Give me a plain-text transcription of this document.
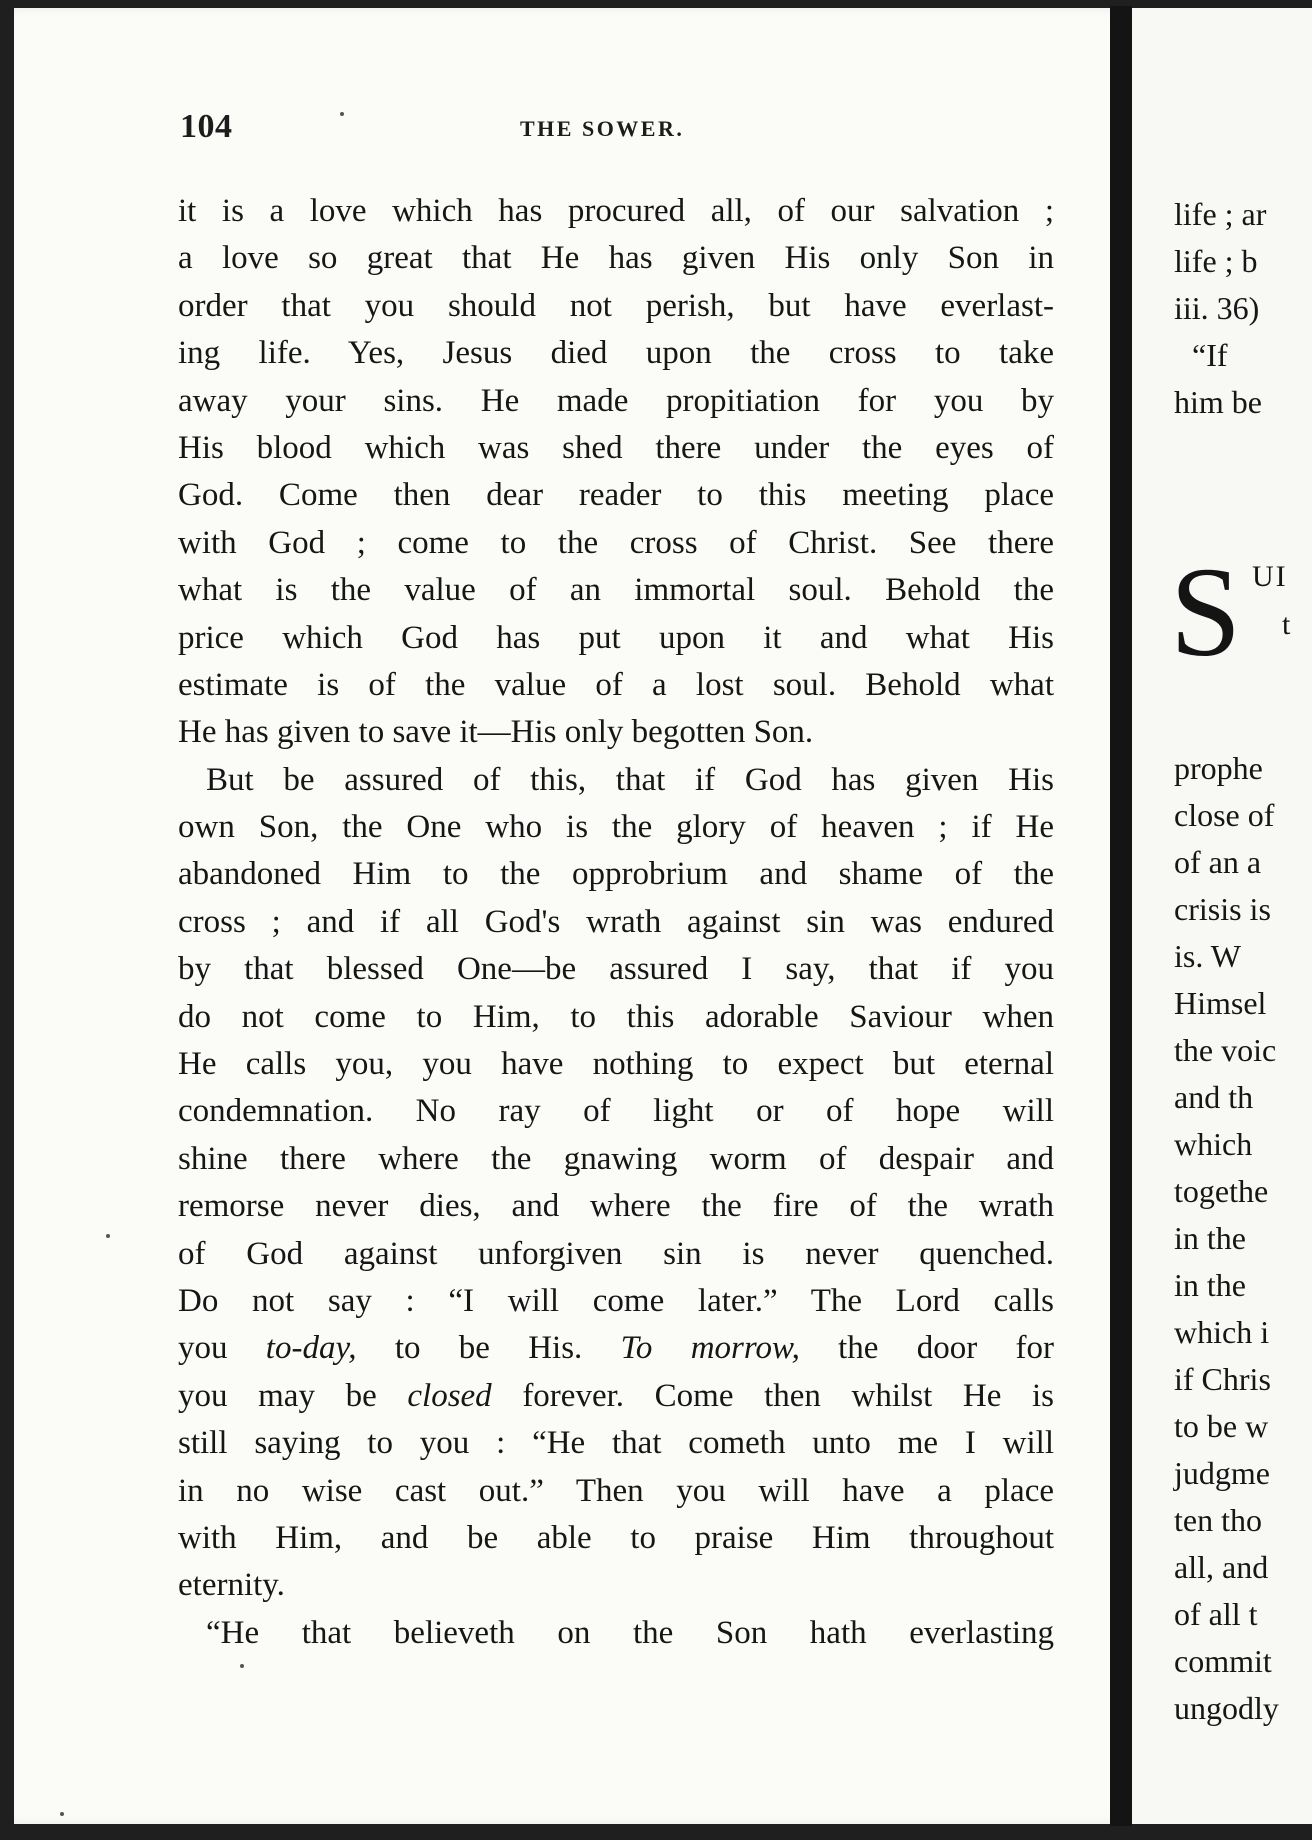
104	THE SOWER.
it is a love which has procured all, of our salvation ;
a love so great that He has given His only Son in
order that you should not perish, but have everlast-
ing life. Yes, Jesus died upon the cross to take
away your sins. He made propitiation for you by
His blood which was shed there under the eyes of
God. Come then dear reader to this meeting place
with God ; come to the cross of Christ. See there
what is the value of an immortal soul. Behold the
price which God has put upon it and what His
estimate is of the value of a lost soul. Behold what
He has given to save it—His only begotten Son.
But be assured of this, that if God has given His
own Son, the One who is the glory of heaven ; if He
abandoned Him to the opprobrium and shame of the
cross ; and if all God's wrath against sin was endured
by that blessed One—be assured I say, that if you
do not come to Him, to this adorable Saviour when
He calls you, you have nothing to expect but eternal
condemnation. No ray of light or of hope will
shine there where the gnawing worm of despair and
remorse never dies, and where the fire of the wrath
of God against unforgiven sin is never quenched.
Do not say : “I will come later.” The Lord calls
you to-day, to be His. To morrow, the door for
you may be closed forever. Come then whilst He is
still saying to you : “He that cometh unto me I will
in no wise cast out.” Then you will have a place
with Him, and be able to praise Him throughout
eternity.
“He that believeth on the Son hath everlasting
life ; ar
life ; b
iii. 36)
“If
him be
prophe
close of
of an a
crisis is
is. W
Himsel
the voic
and th
which
togethe
in the
in the
which i
if Chris
to be w
judgme
ten tho
all, and
of all t
commit
ungodly
S UI
t
